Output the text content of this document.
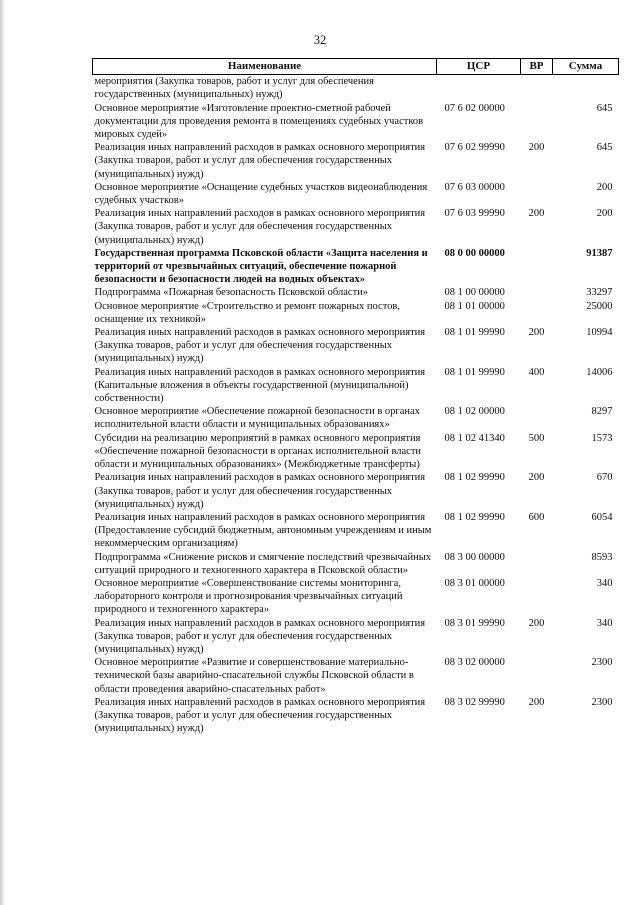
32
Наименование	ЦСР	ВР	Сумма
мероприятия (Закупка товаров, работ и услуг для обеспечения государственных (муниципальных) нужд)			
Основное мероприятие «Изготовление проектно-сметной рабочей документации для проведения ремонта в помещениях судебных участков мировых судей»	07 6 02 00000		645
Реализация иных направлений расходов в рамках основного мероприятия (Закупка товаров, работ и услуг для обеспечения государственных (муниципальных) нужд)	07 6 02 99990	200	645
Основное мероприятие «Оснащение судебных участков видеонаблюдения судебных участков»	07 6 03 00000		200
Реализация иных направлений расходов в рамках основного мероприятия (Закупка товаров, работ и услуг для обеспечения государственных (муниципальных) нужд)	07 6 03 99990	200	200
Государственная программа Псковской области «Защита населения и территорий от чрезвычайных ситуаций, обеспечение пожарной безопасности и безопасности людей на водных объектах»	08 0 00 00000		91387
Подпрограмма «Пожарная безопасность Псковской области»	08 1 00 00000		33297
Основное мероприятие «Строительство и ремонт пожарных постов, оснащение их техникой»	08 1 01 00000		25000
Реализация иных направлений расходов в рамках основного мероприятия (Закупка товаров, работ и услуг для обеспечения государственных (муниципальных) нужд)	08 1 01 99990	200	10994
Реализация иных направлений расходов в рамках основного мероприятия (Капитальные вложения в объекты государственной (муниципальной) собственности)	08 1 01 99990	400	14006
Основное мероприятие «Обеспечение пожарной безопасности в органах исполнительной власти области и муниципальных образованиях»	08 1 02 00000		8297
Субсидии на реализацию мероприятий в рамках основного мероприятия «Обеспечение пожарной безопасности в органах исполнительной власти области и муниципальных образованиях» (Межбюджетные трансферты)	08 1 02 41340	500	1573
Реализация иных направлений расходов в рамках основного мероприятия (Закупка товаров, работ и услуг для обеспечения государственных (муниципальных) нужд)	08 1 02 99990	200	670
Реализация иных направлений расходов в рамках основного мероприятия (Предоставление субсидий бюджетным, автономным учреждениям и иным некоммерческим организациям)	08 1 02 99990	600	6054
Подпрограмма «Снижение рисков и смягчение последствий чрезвычайных ситуаций природного и техногенного характера в Псковской области»	08 3 00 00000		8593
Основное мероприятие «Совершенствование системы мониторинга, лабораторного контроля и прогнозирования чрезвычайных ситуаций природного и техногенного характера»	08 3 01 00000		340
Реализация иных направлений расходов в рамках основного мероприятия (Закупка товаров, работ и услуг для обеспечения государственных (муниципальных) нужд)	08 3 01 99990	200	340
Основное мероприятие «Развитие и совершенствование материально-технической базы аварийно-спасательной службы Псковской области в области проведения аварийно-спасательных работ»	08 3 02 00000		2300
Реализация иных направлений расходов в рамках основного мероприятия (Закупка товаров, работ и услуг для обеспечения государственных (муниципальных) нужд)	08 3 02 99990	200	2300
